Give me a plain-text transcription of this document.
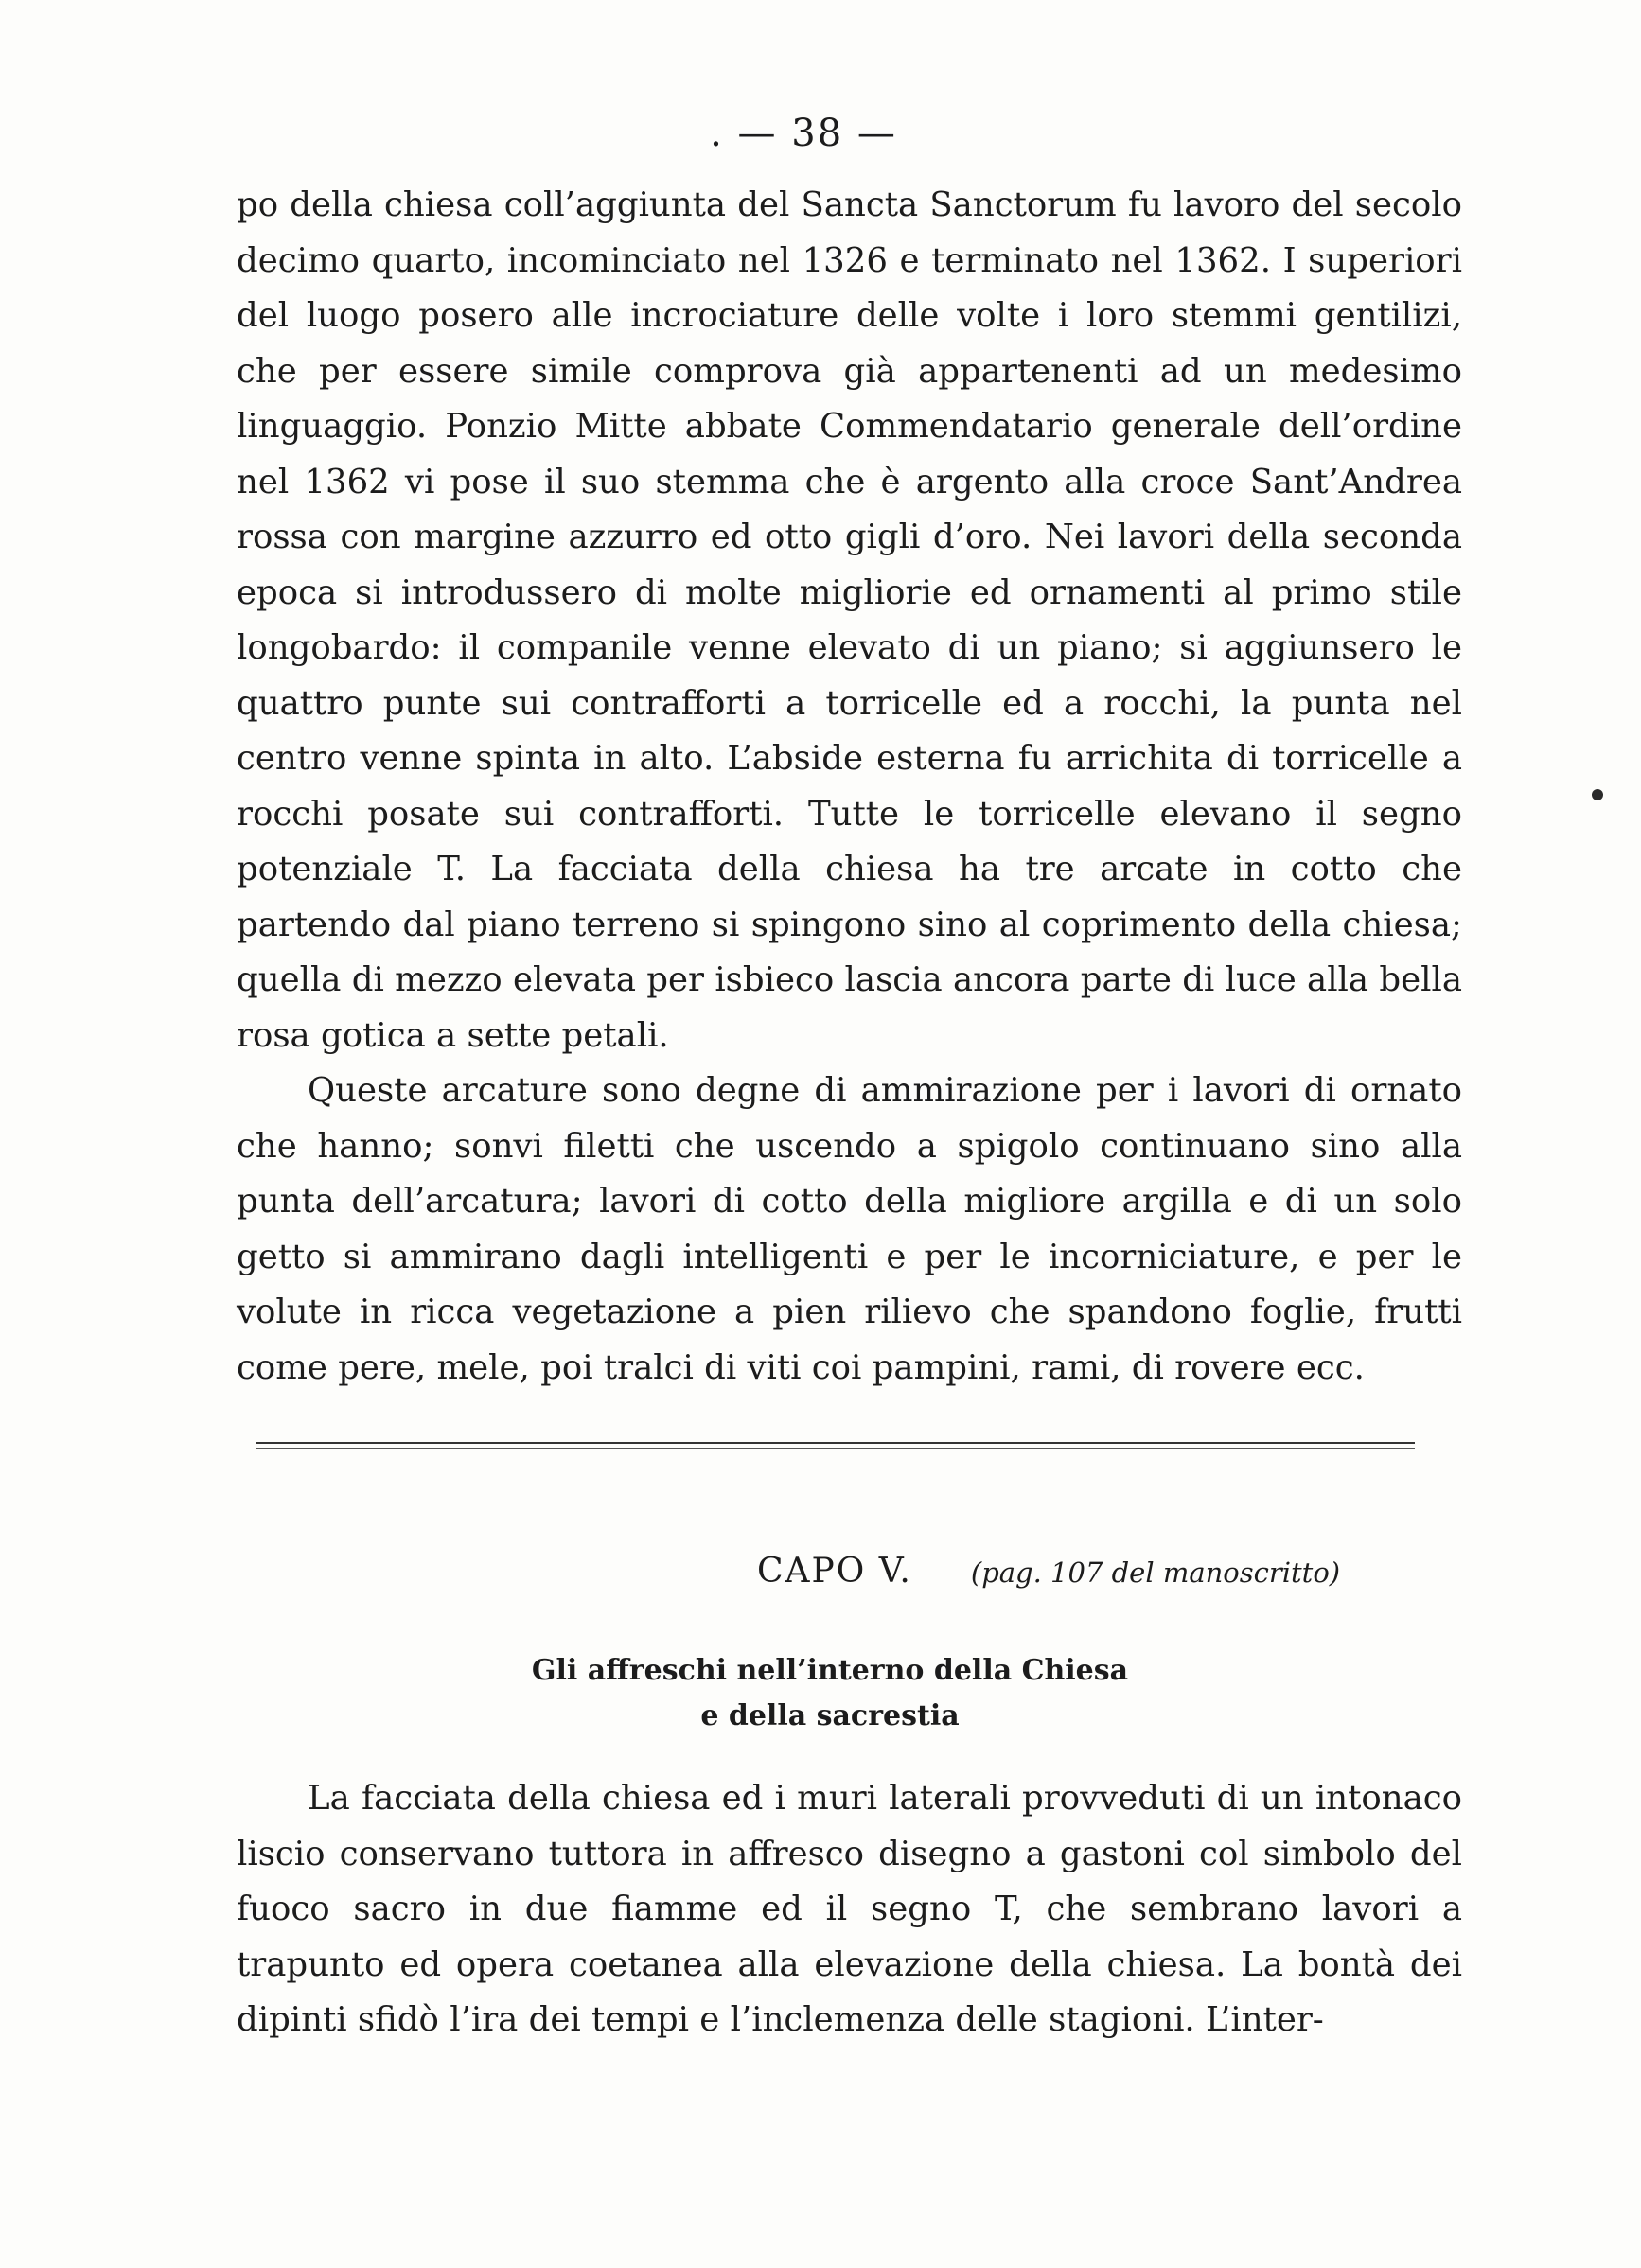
. — 38 —

po della chiesa coll’aggiunta del Sancta Sanctorum fu lavoro del secolo decimo quarto, incominciato nel 1326 e terminato nel 1362. I superiori del luogo posero alle incrociature delle volte i loro stemmi gentilizi, che per essere simile comprova già appartenenti ad un medesimo linguaggio. Ponzio Mitte abbate Commendatario generale dell’ordine nel 1362 vi pose il suo stemma che è argento alla croce Sant’Andrea rossa con margine azzurro ed otto gigli d’oro. Nei lavori della seconda epoca si introdussero di molte migliorie ed ornamenti al primo stile longobardo: il companile venne elevato di un piano; si aggiunsero le quattro punte sui contrafforti a torricelle ed a rocchi, la punta nel centro venne spinta in alto. L’abside esterna fu arrichita di torricelle a rocchi posate sui contrafforti. Tutte le torricelle elevano il segno potenziale T. La facciata della chiesa ha tre arcate in cotto che partendo dal piano terreno si spingono sino al coprimento della chiesa; quella di mezzo elevata per isbieco lascia ancora parte di luce alla bella rosa gotica a sette petali.

Queste arcature sono degne di ammirazione per i lavori di ornato che hanno; sonvi filetti che uscendo a spigolo continuano sino alla punta dell’arcatura; lavori di cotto della migliore argilla e di un solo getto si ammirano dagli intelligenti e per le incorniciature, e per le volute in ricca vegetazione a pien rilievo che spandono foglie, frutti come pere, mele, poi tralci di viti coi pampini, rami, di rovere ecc.

CAPO V. (pag. 107 del manoscritto)
Gli affreschi nell’interno della Chiesa
e della sacrestia

La facciata della chiesa ed i muri laterali provveduti di un intonaco liscio conservano tuttora in affresco disegno a gastoni col simbolo del fuoco sacro in due fiamme ed il segno T, che sembrano lavori a trapunto ed opera coetanea alla elevazione della chiesa. La bontà dei dipinti sfidò l’ira dei tempi e l’inclemenza delle stagioni. L’inter-
